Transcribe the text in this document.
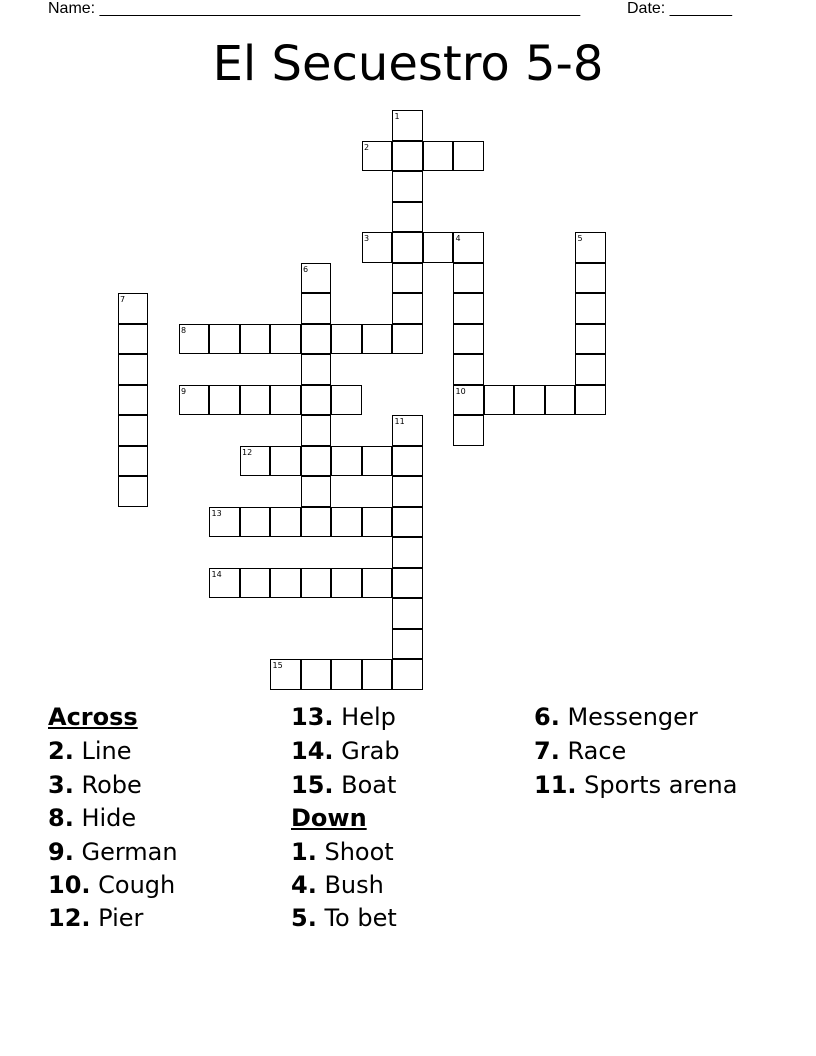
Name: ______________________________________________________	Date: _______
El Secuestro 5-8
1
2
3	4	5
6
7
8
9	10
11
12
13
14
15
Across
2. Line
3. Robe
8. Hide
9. German
10. Cough
12. Pier
13. Help
14. Grab
15. Boat
Down
1. Shoot
4. Bush
5. To bet
6. Messenger
7. Race
11. Sports arena
